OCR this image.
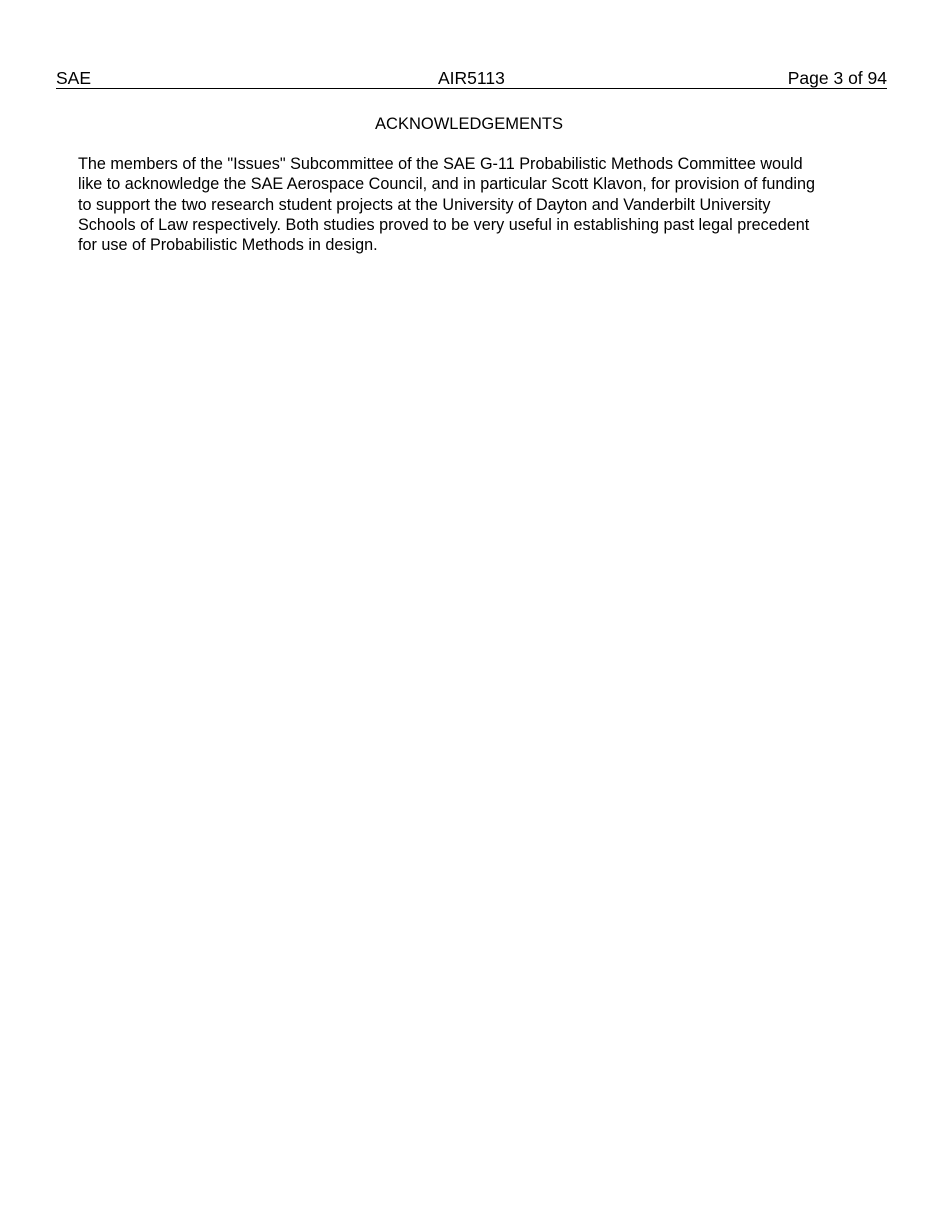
SAE	AIR5113	Page 3 of 94
ACKNOWLEDGEMENTS

The members of the "Issues" Subcommittee of the SAE G-11 Probabilistic Methods Committee would
like to acknowledge the SAE Aerospace Council, and in particular Scott Klavon, for provision of funding
to support the two research student projects at the University of Dayton and Vanderbilt University
Schools of Law respectively. Both studies proved to be very useful in establishing past legal precedent
for use of Probabilistic Methods in design.
